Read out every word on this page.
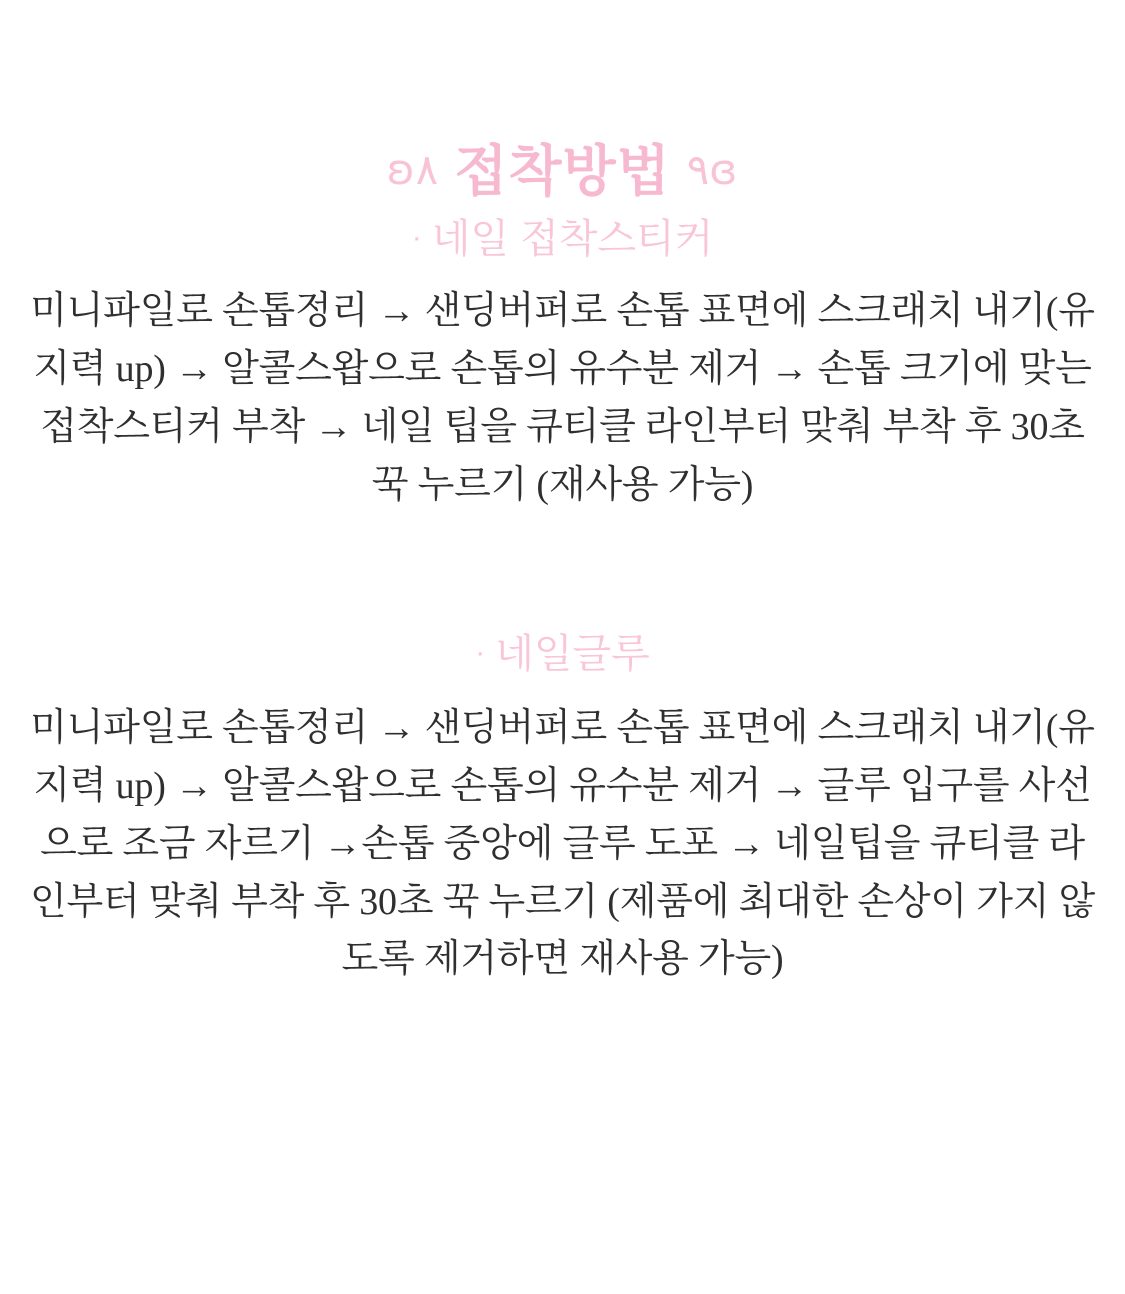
ʚ٨ 접착방법 ٩ɞ
· 네일 접착스티커

미니파일로 손톱정리 → 샌딩버퍼로 손톱 표면에 스크래치 내기(유지력 up) → 알콜스왑으로 손톱의 유수분 제거 → 손톱 크기에 맞는 접착스티커 부착 → 네일 팁을 큐티클 라인부터 맞춰 부착 후 30초 꾹 누르기 (재사용 가능)

· 네일글루

미니파일로 손톱정리 → 샌딩버퍼로 손톱 표면에 스크래치 내기(유지력 up) → 알콜스왑으로 손톱의 유수분 제거 → 글루 입구를 사선으로 조금 자르기 →손톱 중앙에 글루 도포 → 네일팁을 큐티클 라인부터 맞춰 부착 후 30초 꾹 누르기 (제품에 최대한 손상이 가지 않도록 제거하면 재사용 가능)
